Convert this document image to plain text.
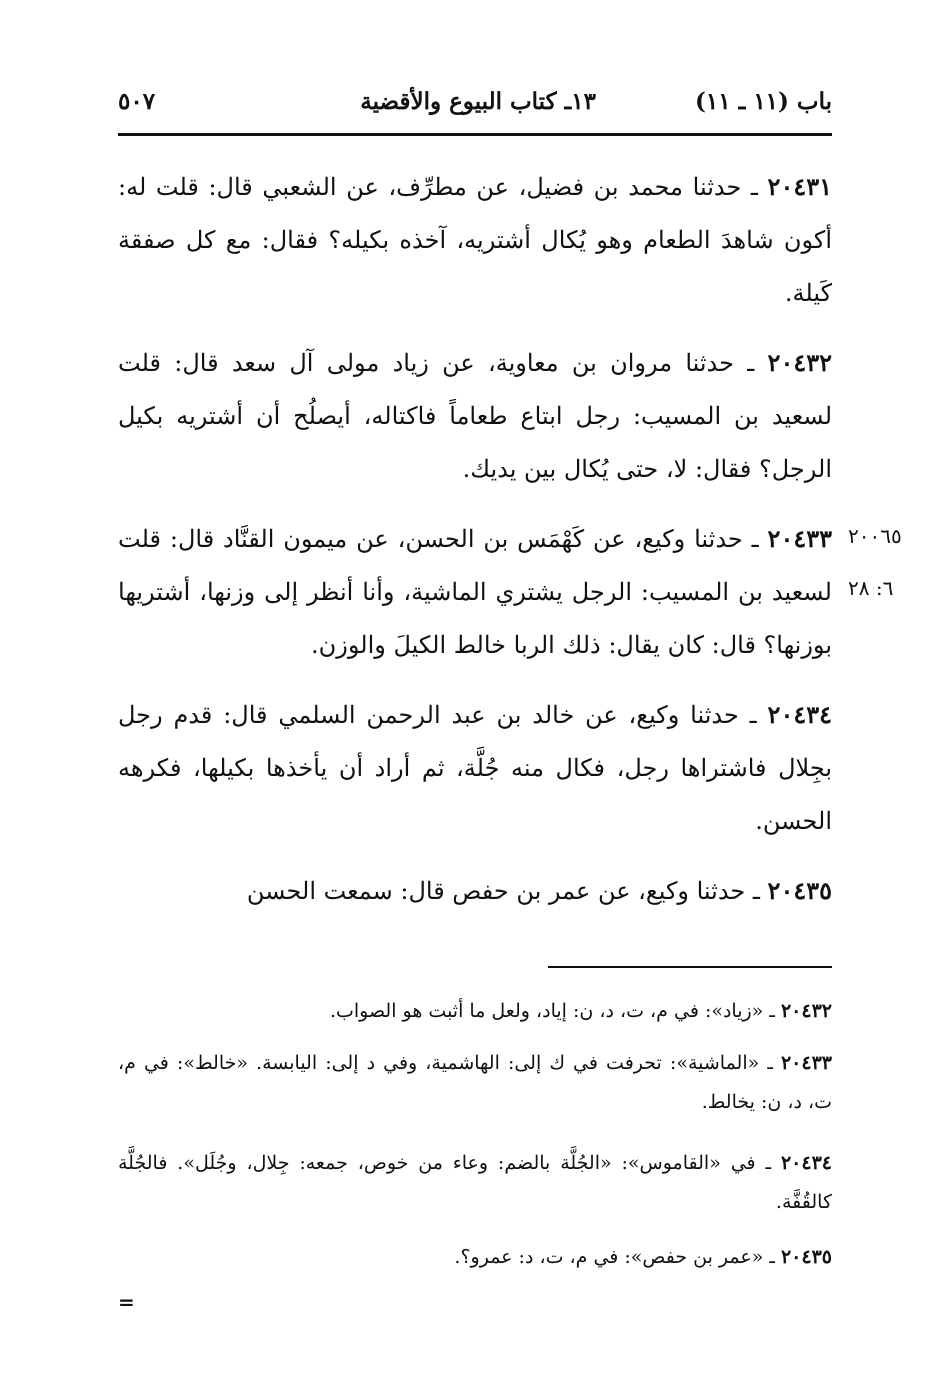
باب (١١ ـ ١١)
١٣ـ كتاب البيوع والأقضية
٥٠٧

٢٠٤٣١ ـ حدثنا محمد بن فضيل، عن مطرِّف، عن الشعبي قال: قلت له: أكون شاهدَ الطعام وهو يُكال أشتريه، آخذه بكيله؟ فقال: مع كل صفقة كَيلة.

٢٠٤٣٢ ـ حدثنا مروان بن معاوية، عن زياد مولى آل سعد قال: قلت لسعيد بن المسيب: رجل ابتاع طعاماً فاكتاله، أيصلُح أن أشتريه بكيل الرجل؟ فقال: لا، حتى يُكال بين يديك.

٢٠٤٣٣ ـ حدثنا وكيع، عن كَهْمَس بن الحسن، عن ميمون القنَّاد قال: قلت لسعيد بن المسيب: الرجل يشتري الماشية، وأنا أنظر إلى وزنها، أشتريها بوزنها؟ قال: كان يقال: ذلك الربا خالط الكيلَ والوزن.

٢٠٤٣٤ ـ حدثنا وكيع، عن خالد بن عبد الرحمن السلمي قال: قدم رجل بجِلال فاشتراها رجل، فكال منه جُلَّة، ثم أراد أن يأخذها بكيلها، فكرهه الحسن.

٢٠٤٣٥ ـ حدثنا وكيع، عن عمر بن حفص قال: سمعت الحسن

٢٠٠٦٥
٦: ٢٨

٢٠٤٣٢ ـ «زياد»: في م، ت، د، ن: إياد، ولعل ما أثبت هو الصواب.

٢٠٤٣٣ ـ «الماشية»: تحرفت في ك إلى: الهاشمية، وفي د إلى: اليابسة. «خالط»: في م، ت، د، ن: يخالط.

٢٠٤٣٤ ـ في «القاموس»: «الجُلَّة بالضم: وعاء من خوص، جمعه: جِلال، وجُلَل». فالجُلَّة كالقُفَّة.

٢٠٤٣٥ ـ «عمر بن حفص»: في م، ت، د: عمرو؟.

=
